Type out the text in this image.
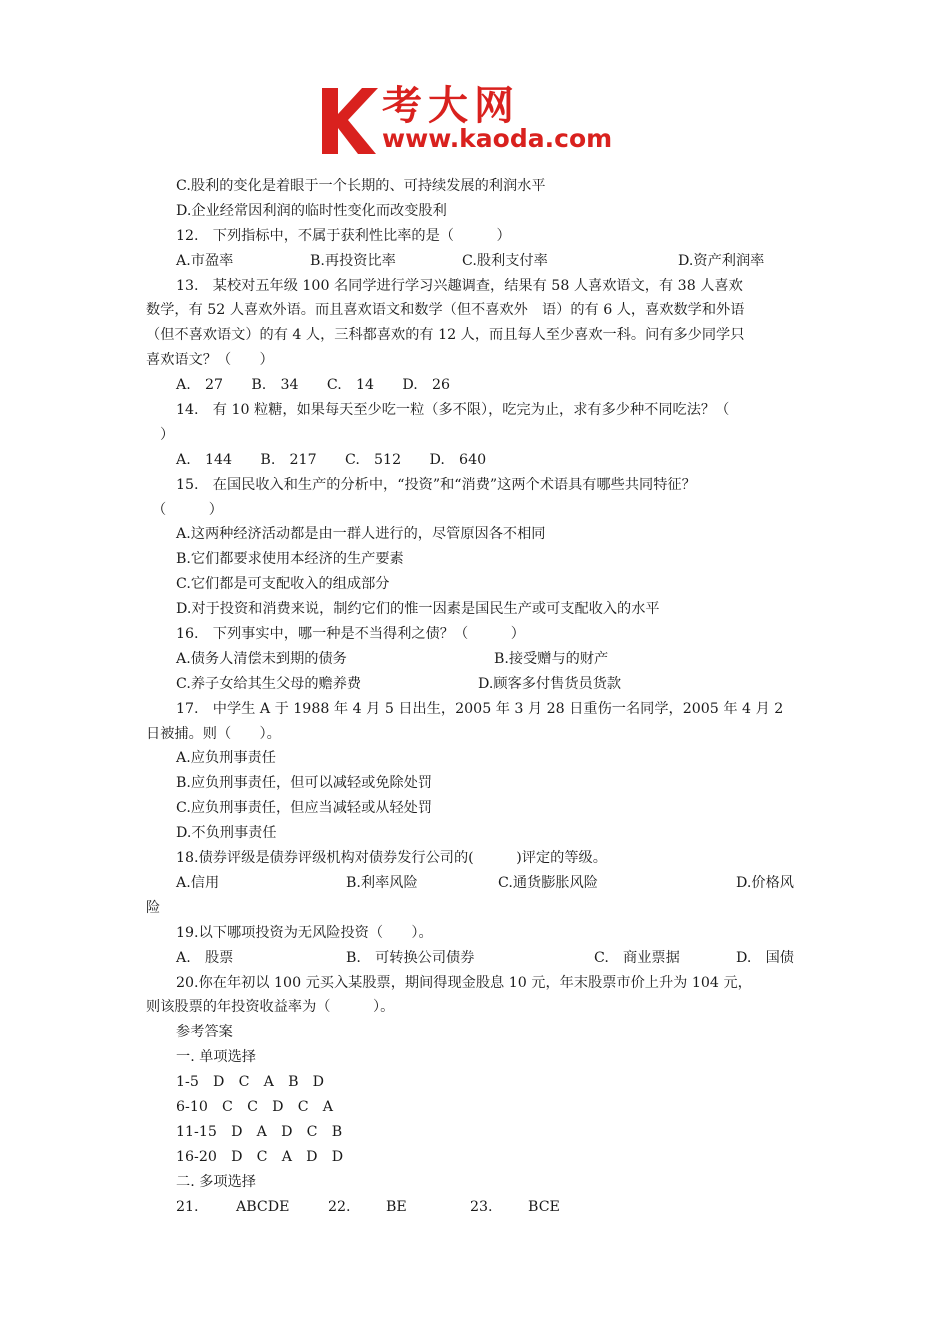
考大网
www.kaoda.com
C.股利的变化是着眼于一个长期的、可持续发展的利润水平
D.企业经常因利润的临时性变化而改变股利
12.　下列指标中，不属于获利性比率的是（　　　）
A.市盈率	B.再投资比率	C.股利支付率	D.资产利润率
13.　某校对五年级 100 名同学进行学习兴趣调查，结果有 58 人喜欢语文，有 38 人喜欢
数学，有 52 人喜欢外语。而且喜欢语文和数学（但不喜欢外　语）的有 6 人，喜欢数学和外语
（但不喜欢语文）的有 4 人，三科都喜欢的有 12 人，而且每人至少喜欢一科。问有多少同学只
喜欢语文？（　　）
A.　27　　B.　34　　C.　14　　D.　26
14.　有 10 粒糖，如果每天至少吃一粒（多不限），吃完为止，求有多少种不同吃法？（
）
A.　144　　B.　217　　C.　512　　D.　640
15.　在国民收入和生产的分析中，“投资”和“消费”这两个术语具有哪些共同特征？
（　　　）
A.这两种经济活动都是由一群人进行的，尽管原因各不相同
B.它们都要求使用本经济的生产要素
C.它们都是可支配收入的组成部分
D.对于投资和消费来说，制约它们的惟一因素是国民生产或可支配收入的水平
16.　下列事实中，哪一种是不当得利之债？（　　　）
A.债务人清偿未到期的债务	B.接受赠与的财产
C.养子女给其生父母的赡养费	D.顾客多付售货员货款
17.　中学生 A 于 1988 年 4 月 5 日出生，2005 年 3 月 28 日重伤一名同学，2005 年 4 月 2
日被捕。则（　　）。
A.应负刑事责任
B.应负刑事责任，但可以减轻或免除处罚
C.应负刑事责任，但应当减轻或从轻处罚
D.不负刑事责任
18.债券评级是债券评级机构对债券发行公司的(　　　)评定的等级。
A.信用	B.利率风险	C.通货膨胀风险	D.价格风
险
19.以下哪项投资为无风险投资（　　）。
A.　股票	B.　可转换公司债券	C.　商业票据	D.　国债
20.你在年初以 100 元买入某股票，期间得现金股息 10 元，年末股票市价上升为 104 元，
则该股票的年投资收益率为（　　　）。
参考答案
一. 单项选择
1-5　D　C　A　B　D
6-10　C　C　D　C　A
11-15　D　A　D　C　B
16-20　D　C　A　D　D
二. 多项选择
21.	ABCDE	22.	BE	23.	BCE
